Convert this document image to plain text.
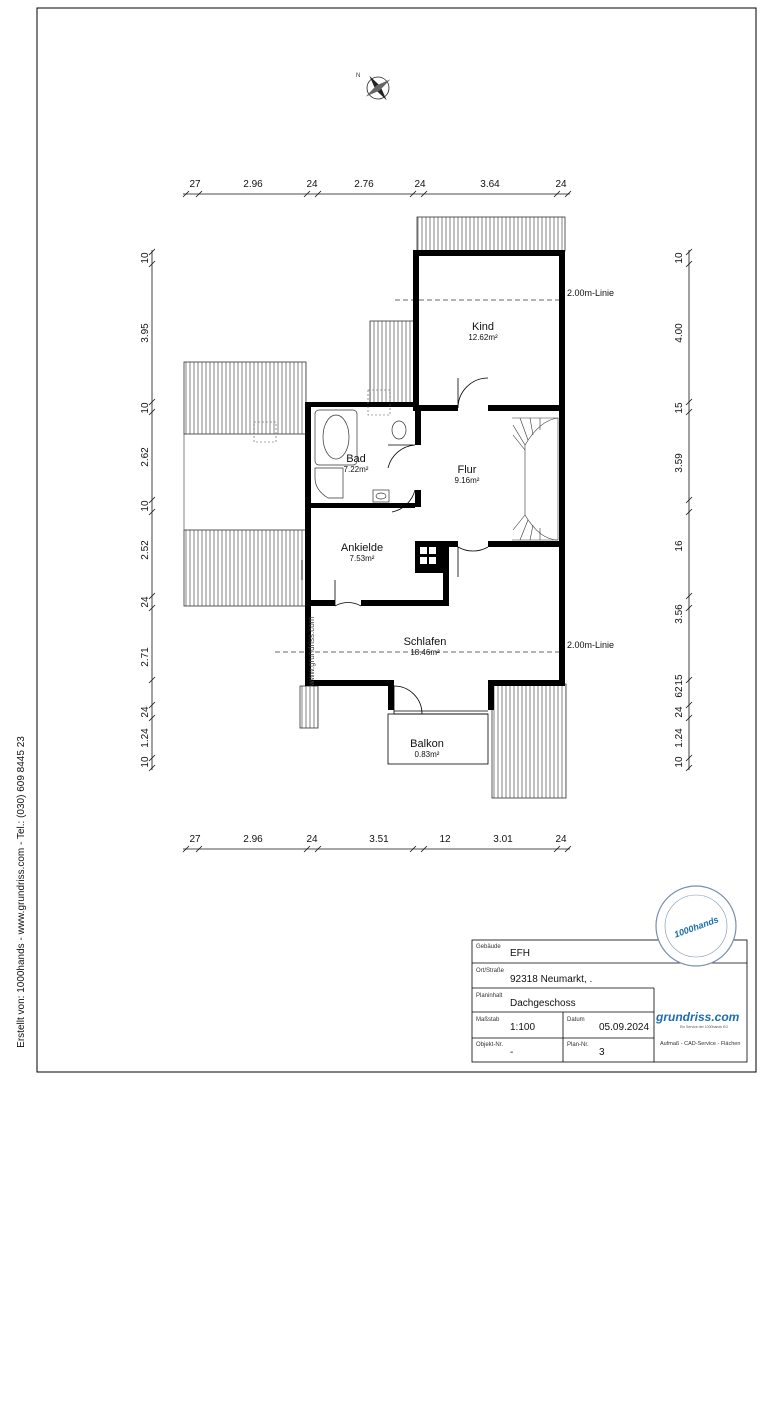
N
27	2.96	24	2.76	24	3.64	24
27	2.96	24	3.51	12	3.01	24
10
3.95
10
2.62
10
2.52
24
2.71
24
1.24
10
10
4.00
15
3.59
16
3.56
15
62
24
1.24
10
Kind
12.62m²
Bad
7.22m²	Flur
9.16m²
Ankielde
7.53m²
Schlafen
18.46m²
Balkon
0.83m²
2.00m-Linie
2.00m-Linie
www.grundriss.com
1000hands
Gebäude
EFH
Ort/Straße
92318 Neumarkt, .
Planinhalt
Dachgeschoss
Maßstab
1:100
Datum
05.09.2024
Objekt-Nr.
-
Plan-Nr.
3
grundriss.com
Ein Service der 1000hands KG
Aufmaß - CAD-Service - Flächen
Erstellt von: 1000hands - www.grundriss.com - Tel.: (030) 609 8445 23
